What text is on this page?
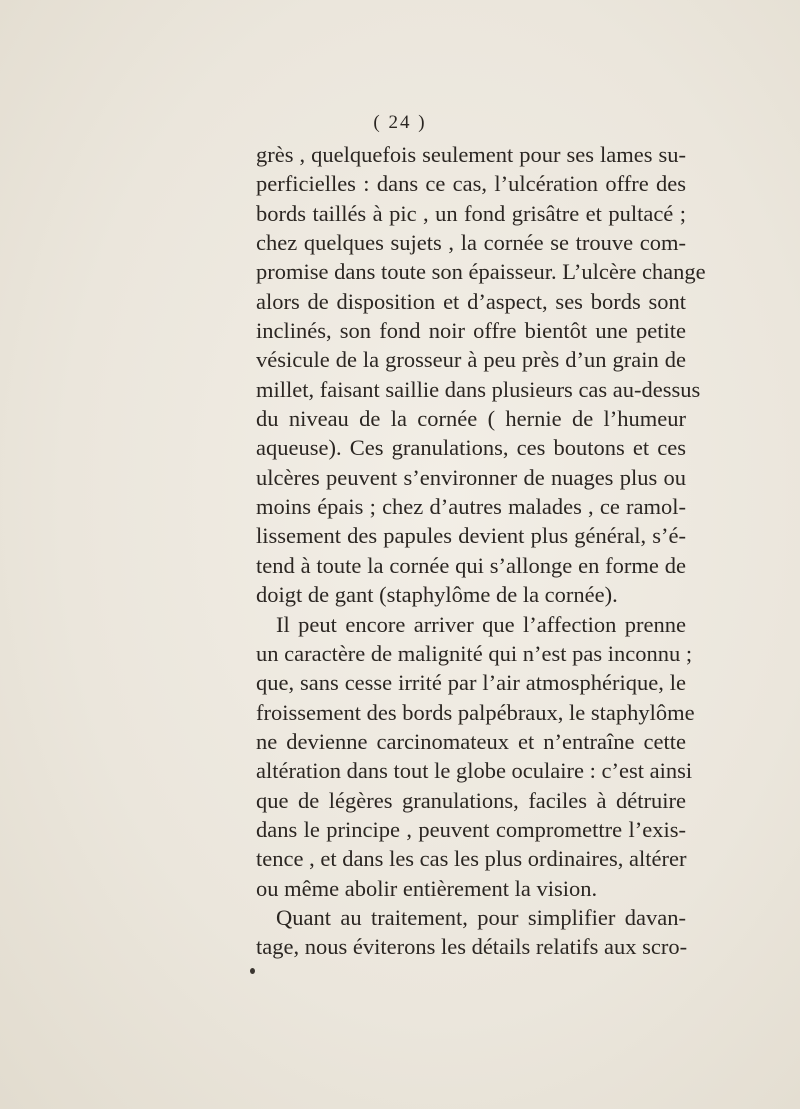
( 24 )
grès , quelquefois seulement pour ses lames su-
perficielles : dans ce cas, l’ulcération offre des
bords taillés à pic , un fond grisâtre et pultacé ;
chez quelques sujets , la cornée se trouve com-
promise dans toute son épaisseur. L’ulcère change
alors de disposition et d’aspect, ses bords sont
inclinés, son fond noir offre bientôt une petite
vésicule de la grosseur à peu près d’un grain de
millet, faisant saillie dans plusieurs cas au-dessus
du niveau de la cornée ( hernie de l’humeur
aqueuse). Ces granulations, ces boutons et ces
ulcères peuvent s’environner de nuages plus ou
moins épais ; chez d’autres malades , ce ramol-
lissement des papules devient plus général, s’é-
tend à toute la cornée qui s’allonge en forme de
doigt de gant (staphylôme de la cornée).
Il peut encore arriver que l’affection prenne
un caractère de malignité qui n’est pas inconnu ;
que, sans cesse irrité par l’air atmosphérique, le
froissement des bords palpébraux, le staphylôme
ne devienne carcinomateux et n’entraîne cette
altération dans tout le globe oculaire : c’est ainsi
que de légères granulations, faciles à détruire
dans le principe , peuvent compromettre l’exis-
tence , et dans les cas les plus ordinaires, altérer
ou même abolir entièrement la vision.
Quant au traitement, pour simplifier davan-
tage, nous éviterons les détails relatifs aux scro-
